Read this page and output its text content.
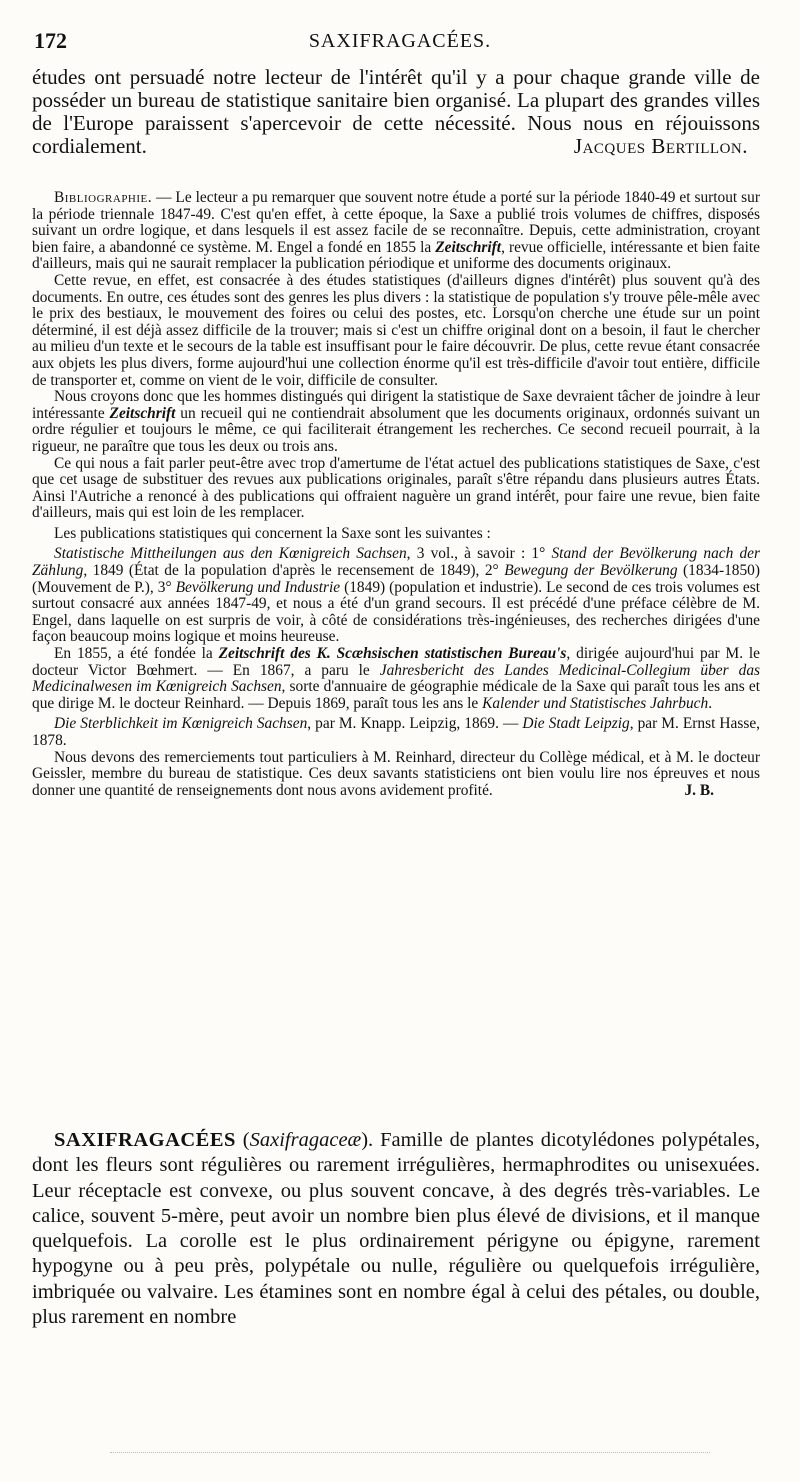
172	SAXIFRAGACÉES.
études ont persuadé notre lecteur de l'intérêt qu'il y a pour chaque grande ville de posséder un bureau de statistique sanitaire bien organisé. La plupart des grandes villes de l'Europe paraissent s'apercevoir de cette nécessité. Nous nous en réjouissons cordialement.	Jacques Bertillon.

Bibliographie. — Le lecteur a pu remarquer que souvent notre étude a porté sur la période 1840-49 et surtout sur la période triennale 1847-49. C'est qu'en effet, à cette époque, la Saxe a publié trois volumes de chiffres, disposés suivant un ordre logique, et dans lesquels il est assez facile de se reconnaître. Depuis, cette administration, croyant bien faire, a abandonné ce système. M. Engel a fondé en 1855 la Zeitschrift, revue officielle, intéressante et bien faite d'ailleurs, mais qui ne saurait remplacer la publication périodique et uniforme des documents originaux.

Cette revue, en effet, est consacrée à des études statistiques (d'ailleurs dignes d'intérêt) plus souvent qu'à des documents. En outre, ces études sont des genres les plus divers : la statistique de population s'y trouve pêle-mêle avec le prix des bestiaux, le mouvement des foires ou celui des postes, etc. Lorsqu'on cherche une étude sur un point déterminé, il est déjà assez difficile de la trouver; mais si c'est un chiffre original dont on a besoin, il faut le chercher au milieu d'un texte et le secours de la table est insuffisant pour le faire découvrir. De plus, cette revue étant consacrée aux objets les plus divers, forme aujourd'hui une collection énorme qu'il est très-difficile d'avoir tout entière, difficile de transporter et, comme on vient de le voir, difficile de consulter.

Nous croyons donc que les hommes distingués qui dirigent la statistique de Saxe devraient tâcher de joindre à leur intéressante Zeitschrift un recueil qui ne contiendrait absolument que les documents originaux, ordonnés suivant un ordre régulier et toujours le même, ce qui faciliterait étrangement les recherches. Ce second recueil pourrait, à la rigueur, ne paraître que tous les deux ou trois ans.

Ce qui nous a fait parler peut-être avec trop d'amertume de l'état actuel des publications statistiques de Saxe, c'est que cet usage de substituer des revues aux publications originales, paraît s'être répandu dans plusieurs autres États. Ainsi l'Autriche a renoncé à des publications qui offraient naguère un grand intérêt, pour faire une revue, bien faite d'ailleurs, mais qui est loin de les remplacer.

Les publications statistiques qui concernent la Saxe sont les suivantes :

Statistische Mittheilungen aus den Kœnigreich Sachsen, 3 vol., à savoir : 1° Stand der Bevölkerung nach der Zählung, 1849 (État de la population d'après le recensement de 1849), 2° Bewegung der Bevölkerung (1834-1850) (Mouvement de P.), 3° Bevölkerung und Industrie (1849) (population et industrie). Le second de ces trois volumes est surtout consacré aux années 1847-49, et nous a été d'un grand secours. Il est précédé d'une préface célèbre de M. Engel, dans laquelle on est surpris de voir, à côté de considérations très-ingénieuses, des recherches dirigées d'une façon beaucoup moins logique et moins heureuse.

En 1855, a été fondée la Zeitschrift des K. Scæhsischen statistischen Bureau's, dirigée aujourd'hui par M. le docteur Victor Bœhmert. — En 1867, a paru le Jahresbericht des Landes Medicinal-Collegium über das Medicinalwesen im Kœnigreich Sachsen, sorte d'annuaire de géographie médicale de la Saxe qui paraît tous les ans et que dirige M. le docteur Reinhard. — Depuis 1869, paraît tous les ans le Kalender und Statistisches Jahrbuch.

Die Sterblichkeit im Kœnigreich Sachsen, par M. Knapp. Leipzig, 1869. — Die Stadt Leipzig, par M. Ernst Hasse, 1878.

Nous devons des remerciements tout particuliers à M. Reinhard, directeur du Collège médical, et à M. le docteur Geissler, membre du bureau de statistique. Ces deux savants statisticiens ont bien voulu lire nos épreuves et nous donner une quantité de renseignements dont nous avons avidement profité.	J. B.

SAXIFRAGACÉES (Saxifragaceæ). Famille de plantes dicotylédones polypétales, dont les fleurs sont régulières ou rarement irrégulières, hermaphrodites ou unisexuées. Leur réceptacle est convexe, ou plus souvent concave, à des degrés très-variables. Le calice, souvent 5-mère, peut avoir un nombre bien plus élevé de divisions, et il manque quelquefois. La corolle est le plus ordinairement périgyne ou épigyne, rarement hypogyne ou à peu près, polypétale ou nulle, régulière ou quelquefois irrégulière, imbriquée ou valvaire. Les étamines sont en nombre égal à celui des pétales, ou double, plus rarement en nombre
